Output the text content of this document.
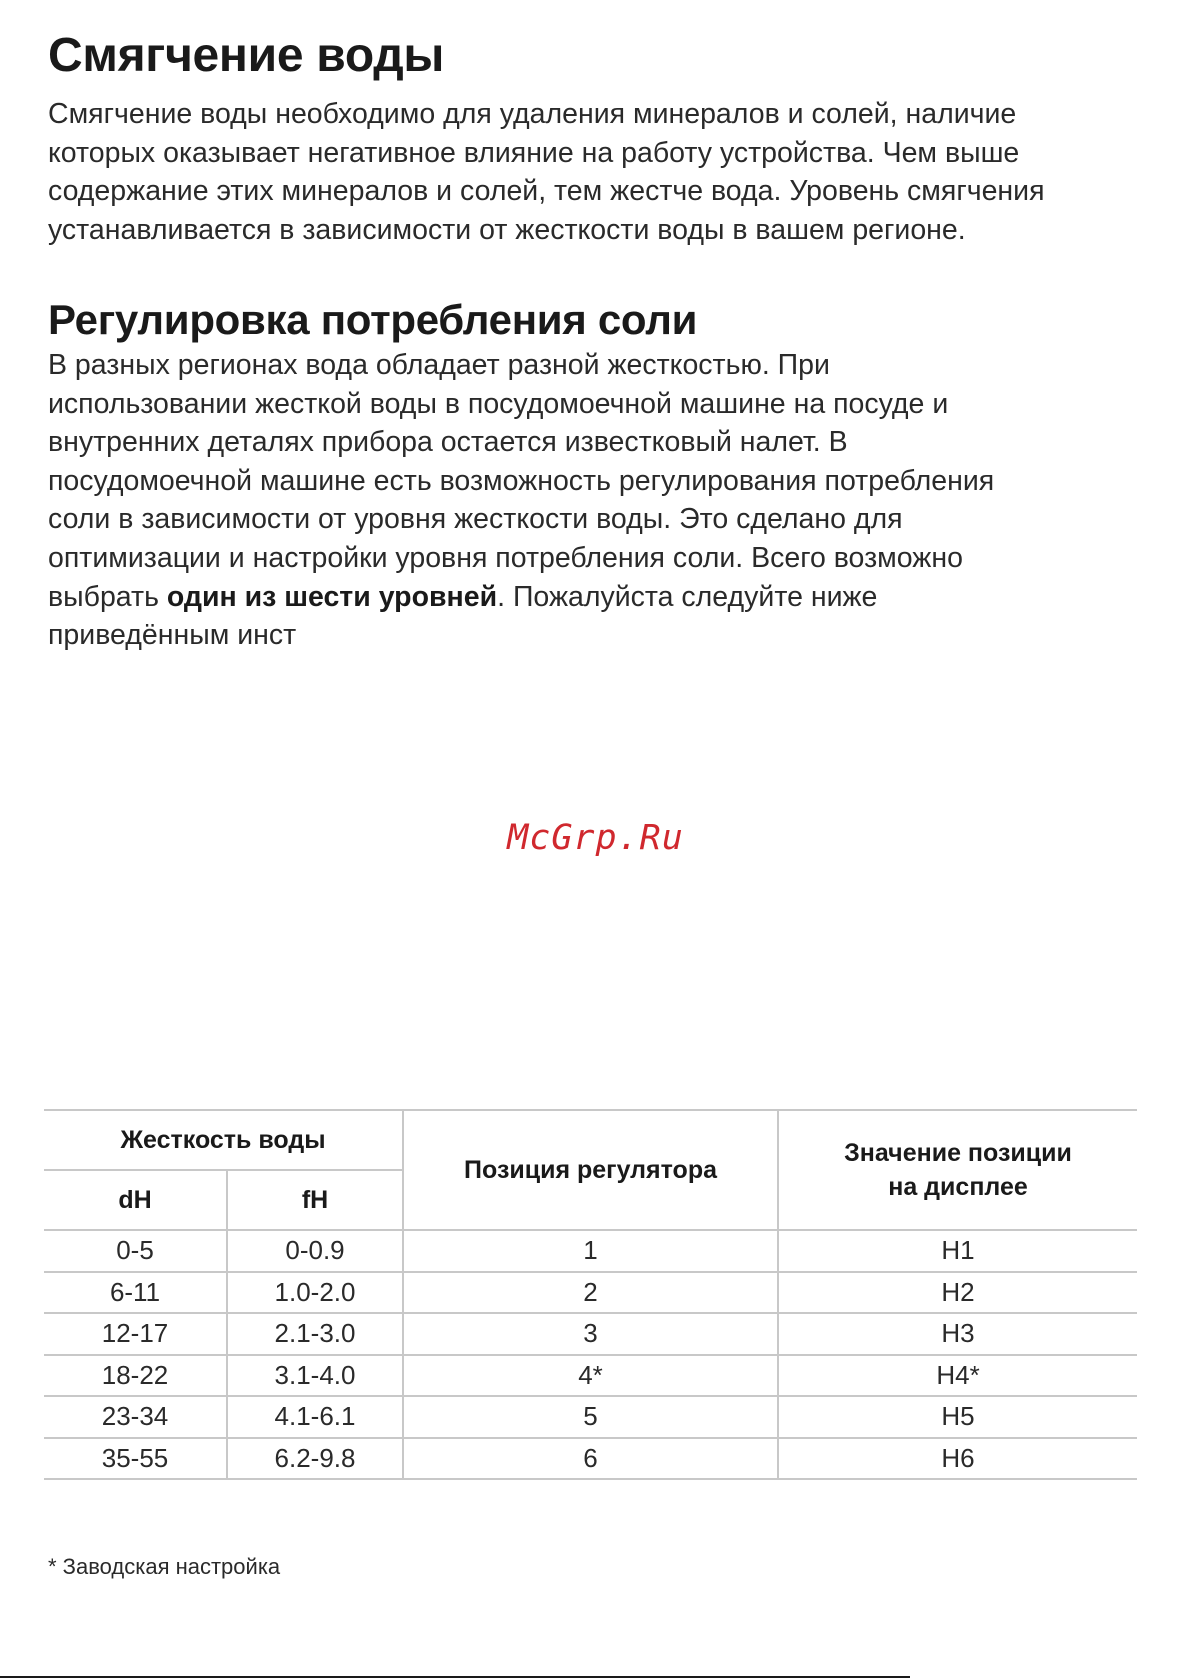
Смягчение воды
Смягчение воды необходимо для удаления минералов и солей, наличие
которых оказывает негативное влияние на работу устройства. Чем выше
содержание этих минералов и солей, тем жестче вода. Уровень смягчения
устанавливается в зависимости от жесткости воды в вашем регионе.
Регулировка потребления соли
В разных регионах вода обладает разной жесткостью. При
использовании жесткой воды в посудомоечной машине на посуде и
внутренних деталях прибора остается известковый налет. В
посудомоечной машине есть возможность регулирования потребления
соли в зависимости от уровня жесткости воды. Это сделано для
оптимизации и настройки уровня потребления соли. Всего возможно
выбрать один из шести уровней. Пожалуйста следуйте ниже
приведённым инст
McGrp.Ru
Жесткость воды		Позиция регулятора	Значение позиции
на дисплее

dH	fH		
0-5	0-0.9	1	H1
6-11	1.0-2.0	2	H2
12-17	2.1-3.0	3	H3
18-22	3.1-4.0	4*	H4*
23-34	4.1-6.1	5	H5
35-55	6.2-9.8	6	H6
* Заводская настройка
